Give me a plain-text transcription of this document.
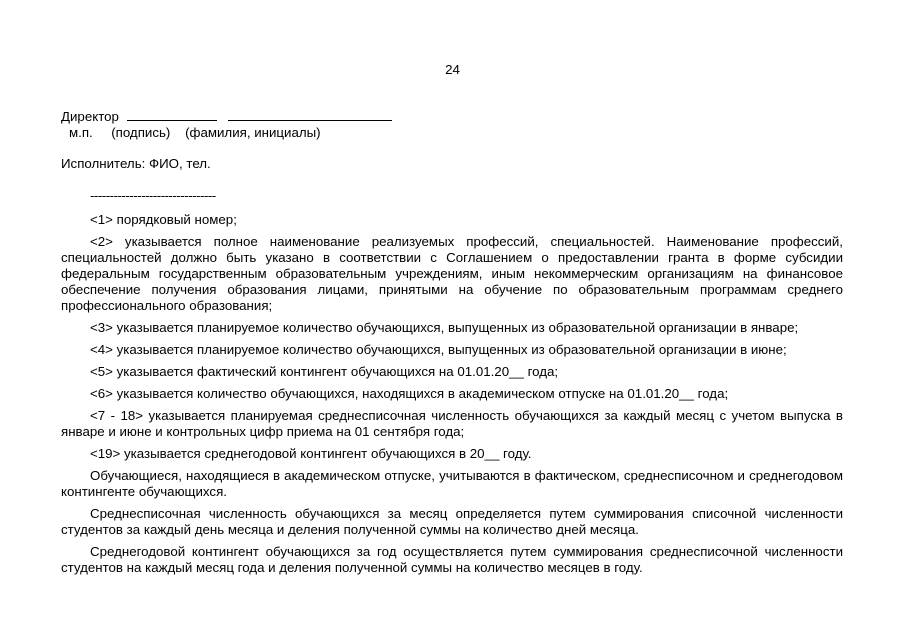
24
Директор
м.п.     (подпись)    (фамилия, инициалы)
Исполнитель: ФИО, тел.
--------------------------------

<1> порядковый номер;

<2> указывается полное наименование реализуемых профессий, специальностей. Наименование профессий, специальностей должно быть указано в соответствии с Соглашением о предоставлении гранта в форме субсидии федеральным государственным образовательным учреждениям, иным некоммерческим организациям на финансовое обеспечение получения образования лицами, принятыми на обучение по образовательным программам среднего профессионального образования;

<3> указывается планируемое количество обучающихся, выпущенных из образовательной организации в январе;

<4> указывается планируемое количество обучающихся, выпущенных из образовательной организации в июне;

<5> указывается фактический контингент обучающихся на 01.01.20__ года;

<6> указывается количество обучающихся, находящихся в академическом отпуске на 01.01.20__ года;

<7 - 18> указывается планируемая среднесписочная численность обучающихся за каждый месяц с учетом выпуска в январе и июне и контрольных цифр приема на 01 сентября года;

<19> указывается среднегодовой контингент обучающихся в 20__ году.

Обучающиеся, находящиеся в академическом отпуске, учитываются в фактическом, среднесписочном и среднегодовом контингенте обучающихся.

Среднесписочная численность обучающихся за месяц определяется путем суммирования списочной численности студентов за каждый день месяца и деления полученной суммы на количество дней месяца.

Среднегодовой контингент обучающихся за год осуществляется путем суммирования среднесписочной численности студентов на каждый месяц года и деления полученной суммы на количество месяцев в году.
